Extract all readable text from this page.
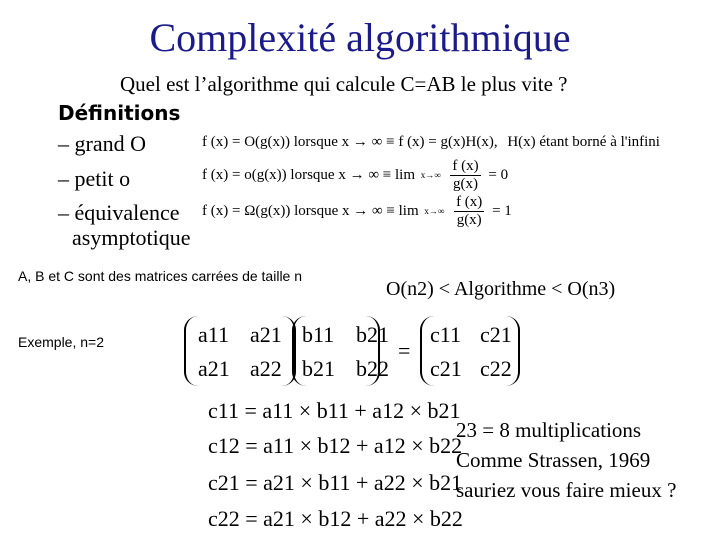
Complexité algorithmique
Quel est l’algorithme qui calcule C=AB le plus vite ?
Définitions
– grand O
– petit o
– équivalence
asymptotique
f (x) = O(g(x)) lorsque x → ∞ ≡ f (x) = g(x)H(x), H(x) étant borné à l'infini
f (x) = o(g(x)) lorsque x → ∞ ≡ lim x→∞
$\frac{f (x)}{g(x)} = 0$
f (x) = Ω(g(x)) lorsque x → ∞ ≡ lim x→∞
$\frac{f (x)}{g(x)} = 1$
A, B et C sont des matrices carrées de taille n
O(n2) < Algorithme < O(n3)
Exemple, n=2	a11 a21
a21 a22
b11 b21
b21 b22
=
c11 c21
c21 c22
c11 = a11 × b11 + a12 × b21
c12 = a11 × b12 + a12 × b22
c21 = a21 × b11 + a22 × b21
c22 = a21 × b12 + a22 × b22
23 = 8 multiplications
Comme Strassen, 1969
sauriez vous faire mieux ?
